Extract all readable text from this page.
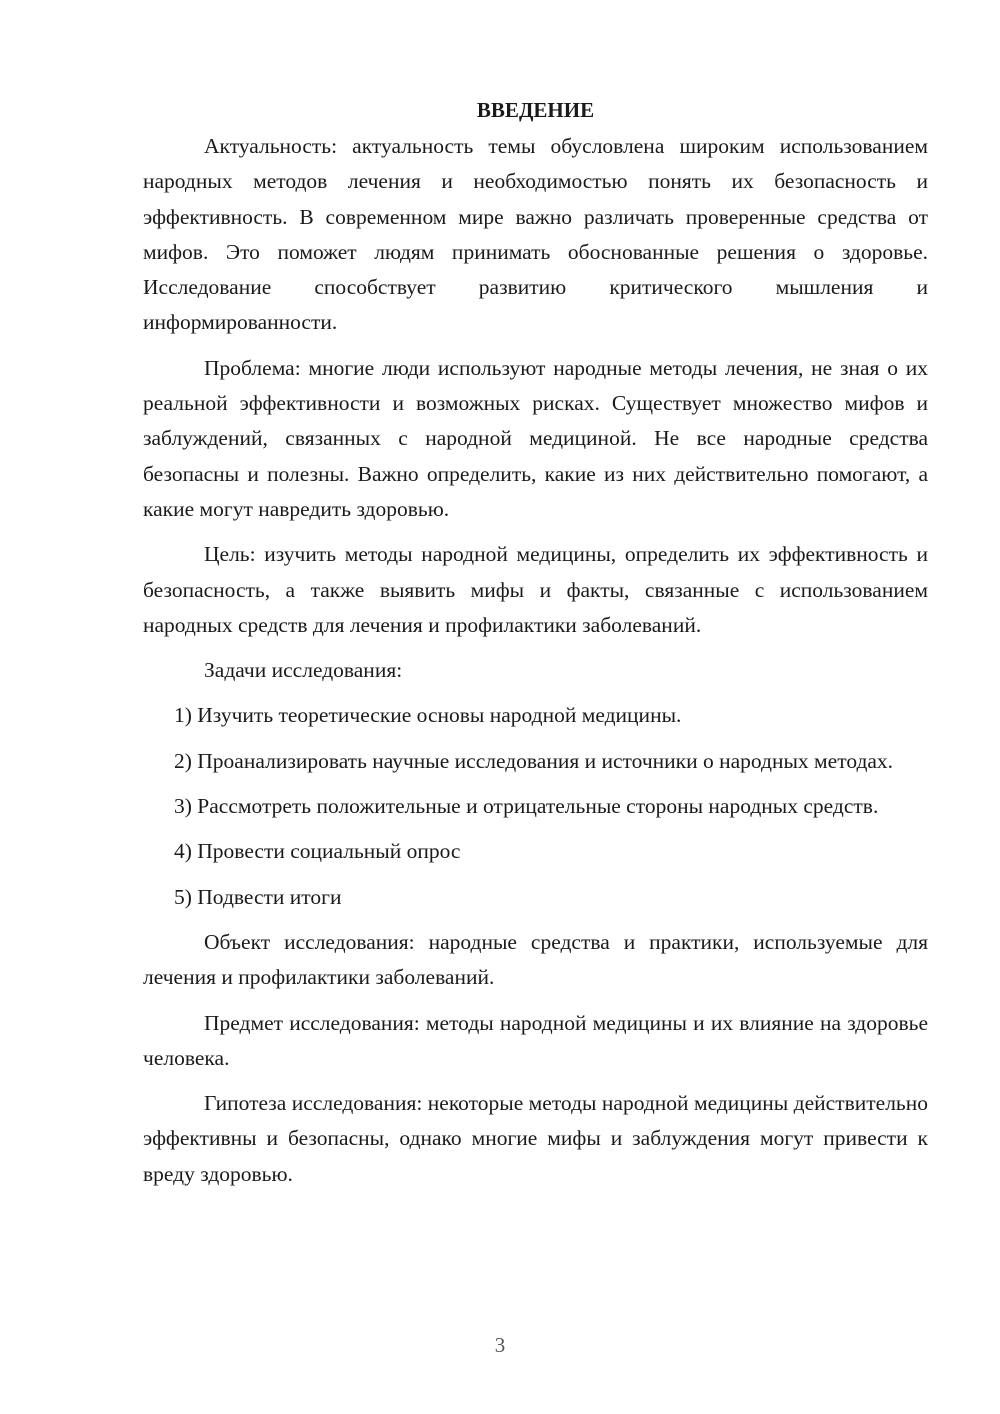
ВВЕДЕНИЕ

Актуальность: актуальность темы обусловлена широким использованием народных методов лечения и необходимостью понять их безопасность и эффективность. В современном мире важно различать проверенные средства от мифов. Это поможет людям принимать обоснованные решения о здоровье. Исследование способствует развитию критического мышления и информированности.

Проблема: многие люди используют народные методы лечения, не зная о их реальной эффективности и возможных рисках. Существует множество мифов и заблуждений, связанных с народной медициной. Не все народные средства безопасны и полезны. Важно определить, какие из них действительно помогают, а какие могут навредить здоровью.

Цель: изучить методы народной медицины, определить их эффективность и безопасность, а также выявить мифы и факты, связанные с использованием народных средств для лечения и профилактики заболеваний.

Задачи исследования:

1) Изучить теоретические основы народной медицины.

2) Проанализировать научные исследования и источники о народных методах.

3) Рассмотреть положительные и отрицательные стороны народных средств.

4) Провести социальный опрос

5) Подвести итоги

Объект исследования: народные средства и практики, используемые для лечения и профилактики заболеваний.

Предмет исследования: методы народной медицины и их влияние на здоровье человека.

Гипотеза исследования: некоторые методы народной медицины действительно эффективны и безопасны, однако многие мифы и заблуждения могут привести к вреду здоровью.

3
